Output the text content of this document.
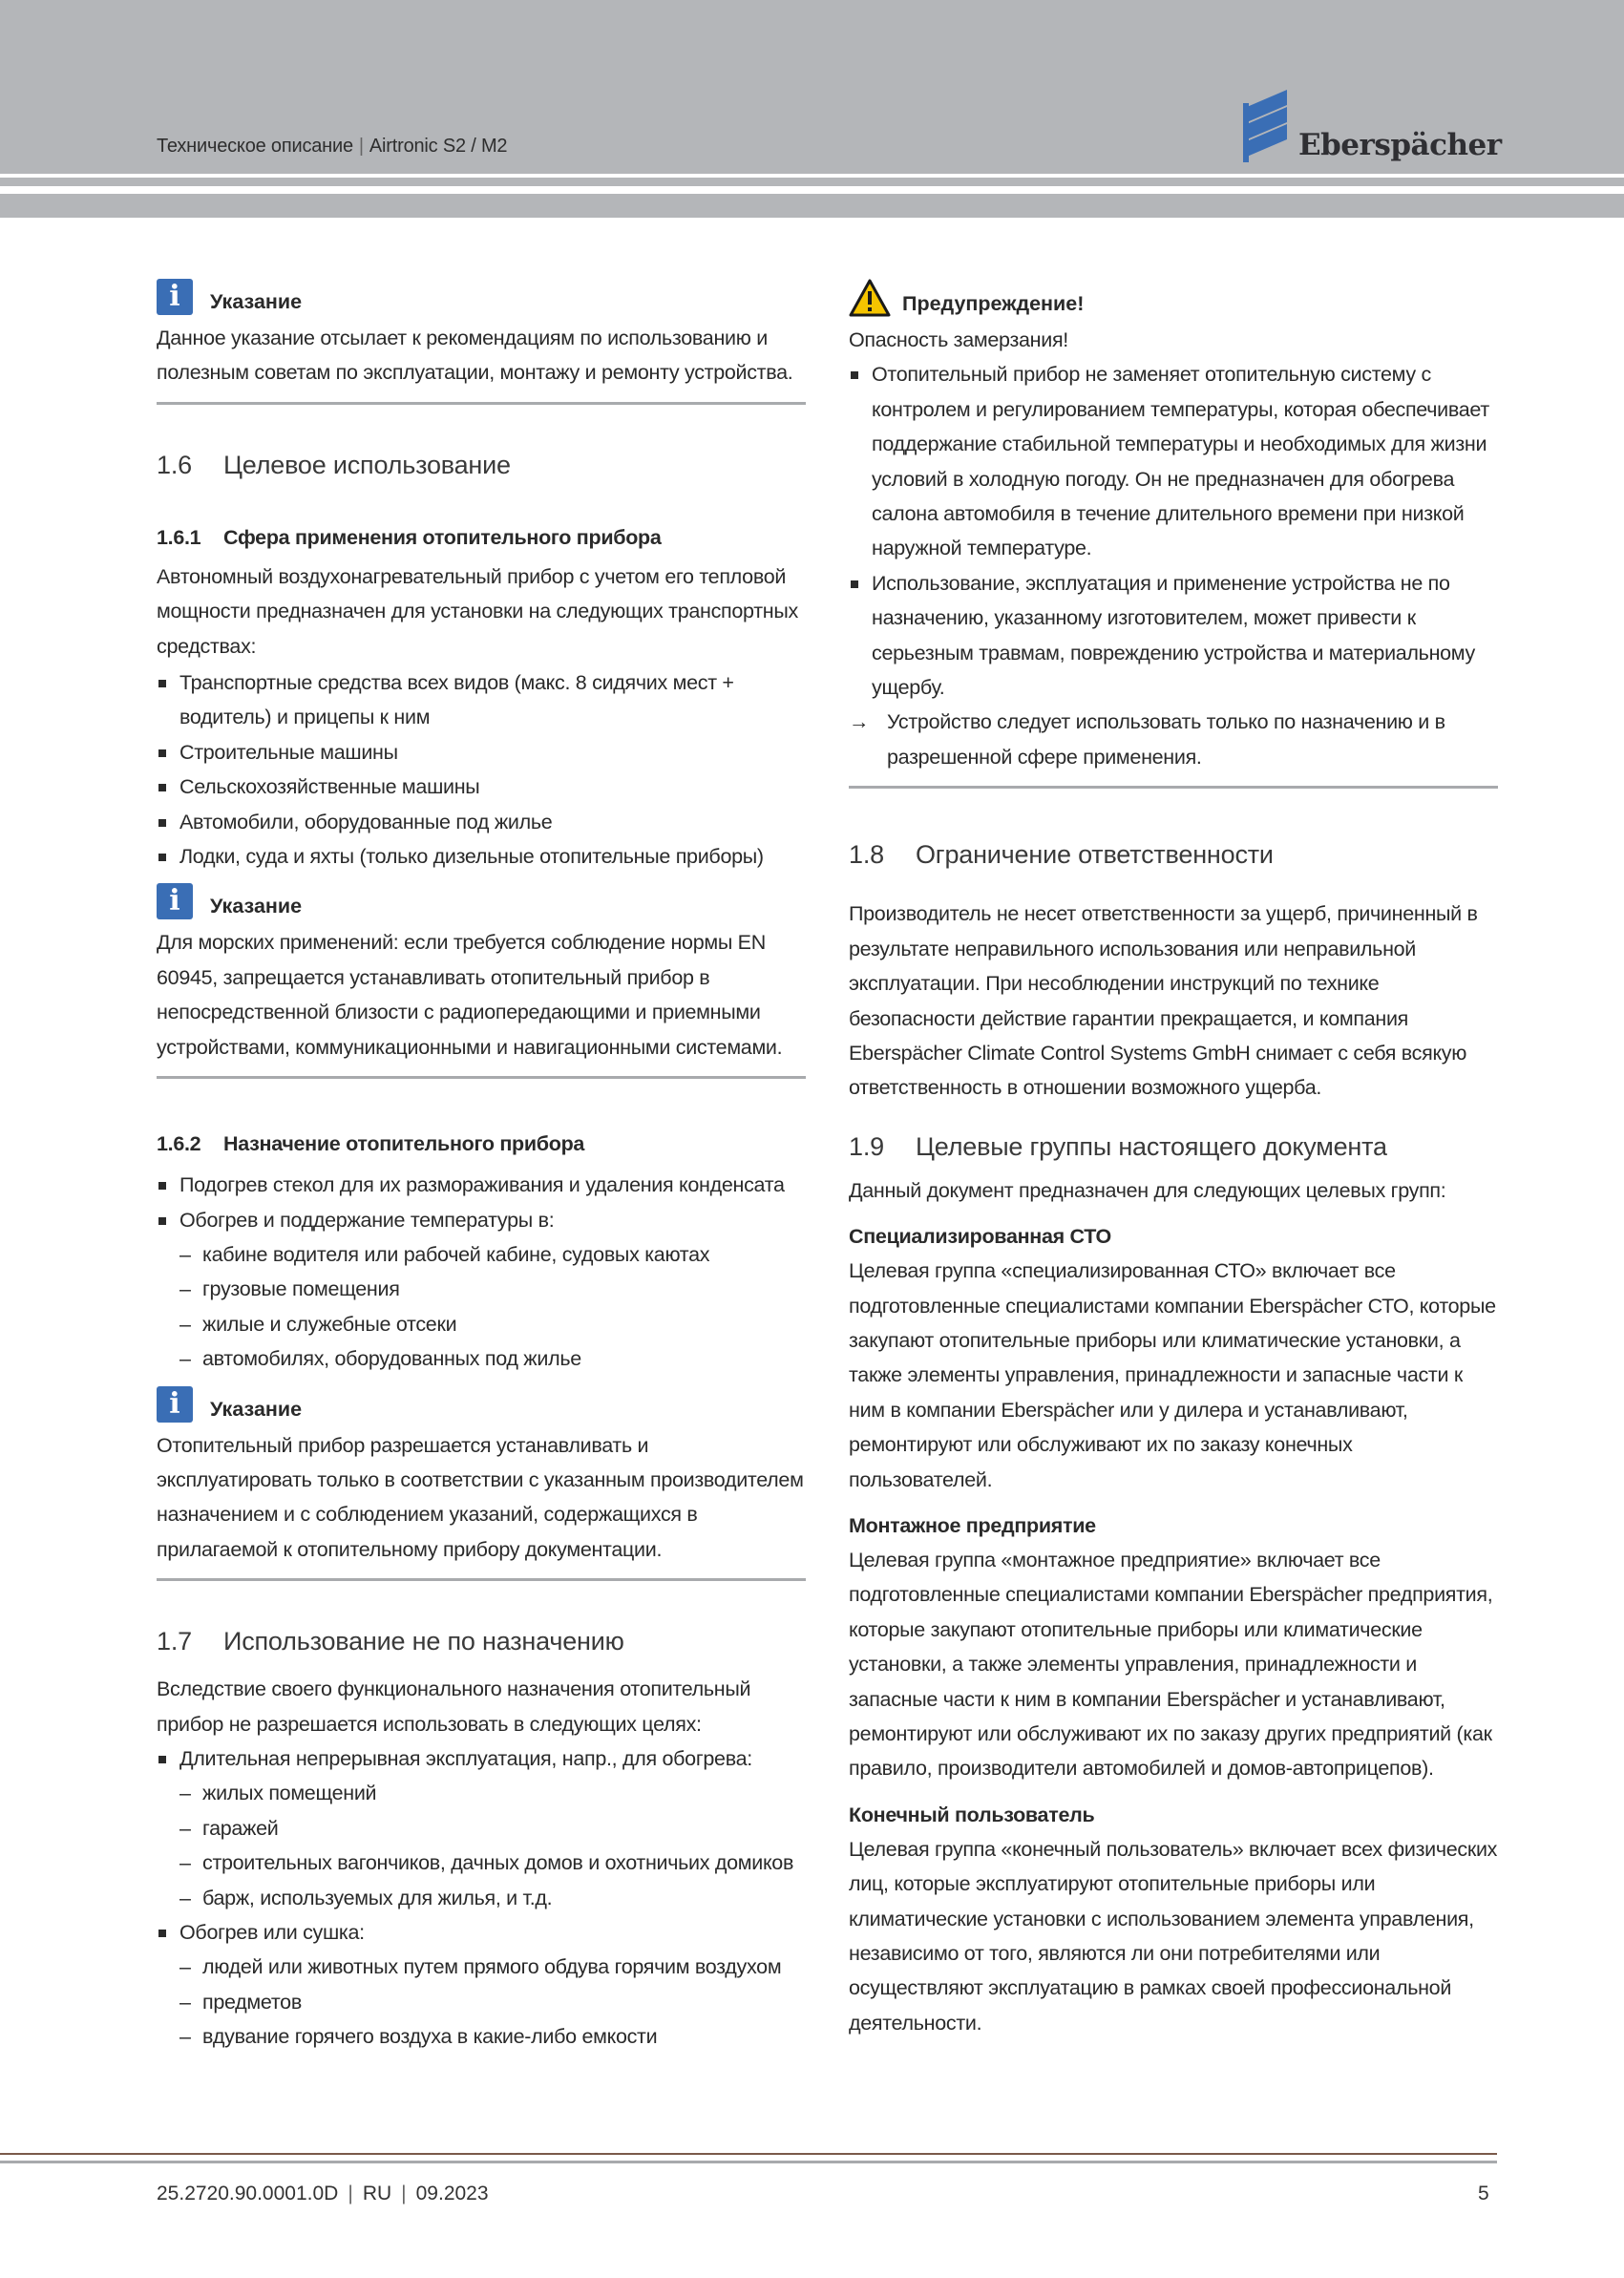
Техническое описание | Airtronic S2 / M2	Eberspächer
i	Указание

Данное указание отсылает к рекомендациям по использованию и полезным советам по эксплуатации, монтажу и ремонту устройства.

1.6 Целевое использование
1.6.1 Сфера применения отопительного прибора

Автономный воздухонагревательный прибор с учетом его тепловой мощности предназначен для установки на следующих транспортных средствах:

Транспортные средства всех видов (макс. 8 сидячих мест + водитель) и прицепы к ним
Строительные машины
Сельскохозяйственные машины
Автомобили, оборудованные под жилье
Лодки, суда и яхты (только дизельные отопительные приборы)
i	Указание

Для морских применений: если требуется соблюдение нормы EN 60945, запрещается устанавливать отопительный прибор в непосредственной близости с радиопередающими и приемными устройствами, коммуникационными и навигационными системами.

1.6.2 Назначение отопительного прибора
Подогрев стекол для их размораживания и удаления конденсата
Обогрев и поддержание температуры в:
– кабине водителя или рабочей кабине, судовых каютах
– грузовые помещения
– жилые и служебные отсеки
– автомобилях, оборудованных под жилье
i	Указание

Отопительный прибор разрешается устанавливать и эксплуатировать только в соответствии с указанным производителем назначением и с соблюдением указаний, содержащихся в прилагаемой к отопительному прибору документации.

1.7 Использование не по назначению

Вследствие своего функционального назначения отопительный прибор не разрешается использовать в следующих целях:

Длительная непрерывная эксплуатация, напр., для обогрева:
– жилых помещений
– гаражей
– строительных вагончиков, дачных домов и охотничьих домиков
– барж, используемых для жилья, и т.д.
Обогрев или сушка:
– людей или животных путем прямого обдува горячим воздухом
– предметов
– вдувание горячего воздуха в какие-либо емкости
Предупреждение!

Опасность замерзания!

Отопительный прибор не заменяет отопительную систему с контролем и регулированием температуры, которая обеспечивает поддержание стабильной температуры и необходимых для жизни условий в холодную погоду. Он не предназначен для обогрева салона автомобиля в течение длительного времени при низкой наружной температуре.
Использование, эксплуатация и применение устройства не по назначению, указанному изготовителем, может привести к серьезным травмам, повреждению устройства и материальному ущербу.

→ Устройство следует использовать только по назначению и в разрешенной сфере применения.

1.8 Ограничение ответственности

Производитель не несет ответственности за ущерб, причиненный в результате неправильного использования или неправильной эксплуатации. При несоблюдении инструкций по технике безопасности действие гарантии прекращается, и компания Eberspächer Climate Control Systems GmbH снимает с себя всякую ответственность в отношении возможного ущерба.

1.9 Целевые группы настоящего документа

Данный документ предназначен для следующих целевых групп:

Специализированная СТО

Целевая группа «специализированная СТО» включает все подготовленные специалистами компании Eberspächer СТО, которые закупают отопительные приборы или климатические установки, а также элементы управления, принадлежности и запасные части к ним в компании Eberspächer или у дилера и устанавливают, ремонтируют или обслуживают их по заказу конечных пользователей.

Монтажное предприятие

Целевая группа «монтажное предприятие» включает все подготовленные специалистами компании Eberspächer предприятия, которые закупают отопительные приборы или климатические установки, а также элементы управления, принадлежности и запасные части к ним в компании Eberspächer и устанавливают, ремонтируют или обслуживают их по заказу других предприятий (как правило, производители автомобилей и домов-автоприцепов).

Конечный пользователь

Целевая группа «конечный пользователь» включает всех физических лиц, которые эксплуатируют отопительные приборы или климатические установки с использованием элемента управления, независимо от того, являются ли они потребителями или осуществляют эксплуатацию в рамках своей профессиональной деятельности.

25.2720.90.0001.0D | RU | 09.2023	5
